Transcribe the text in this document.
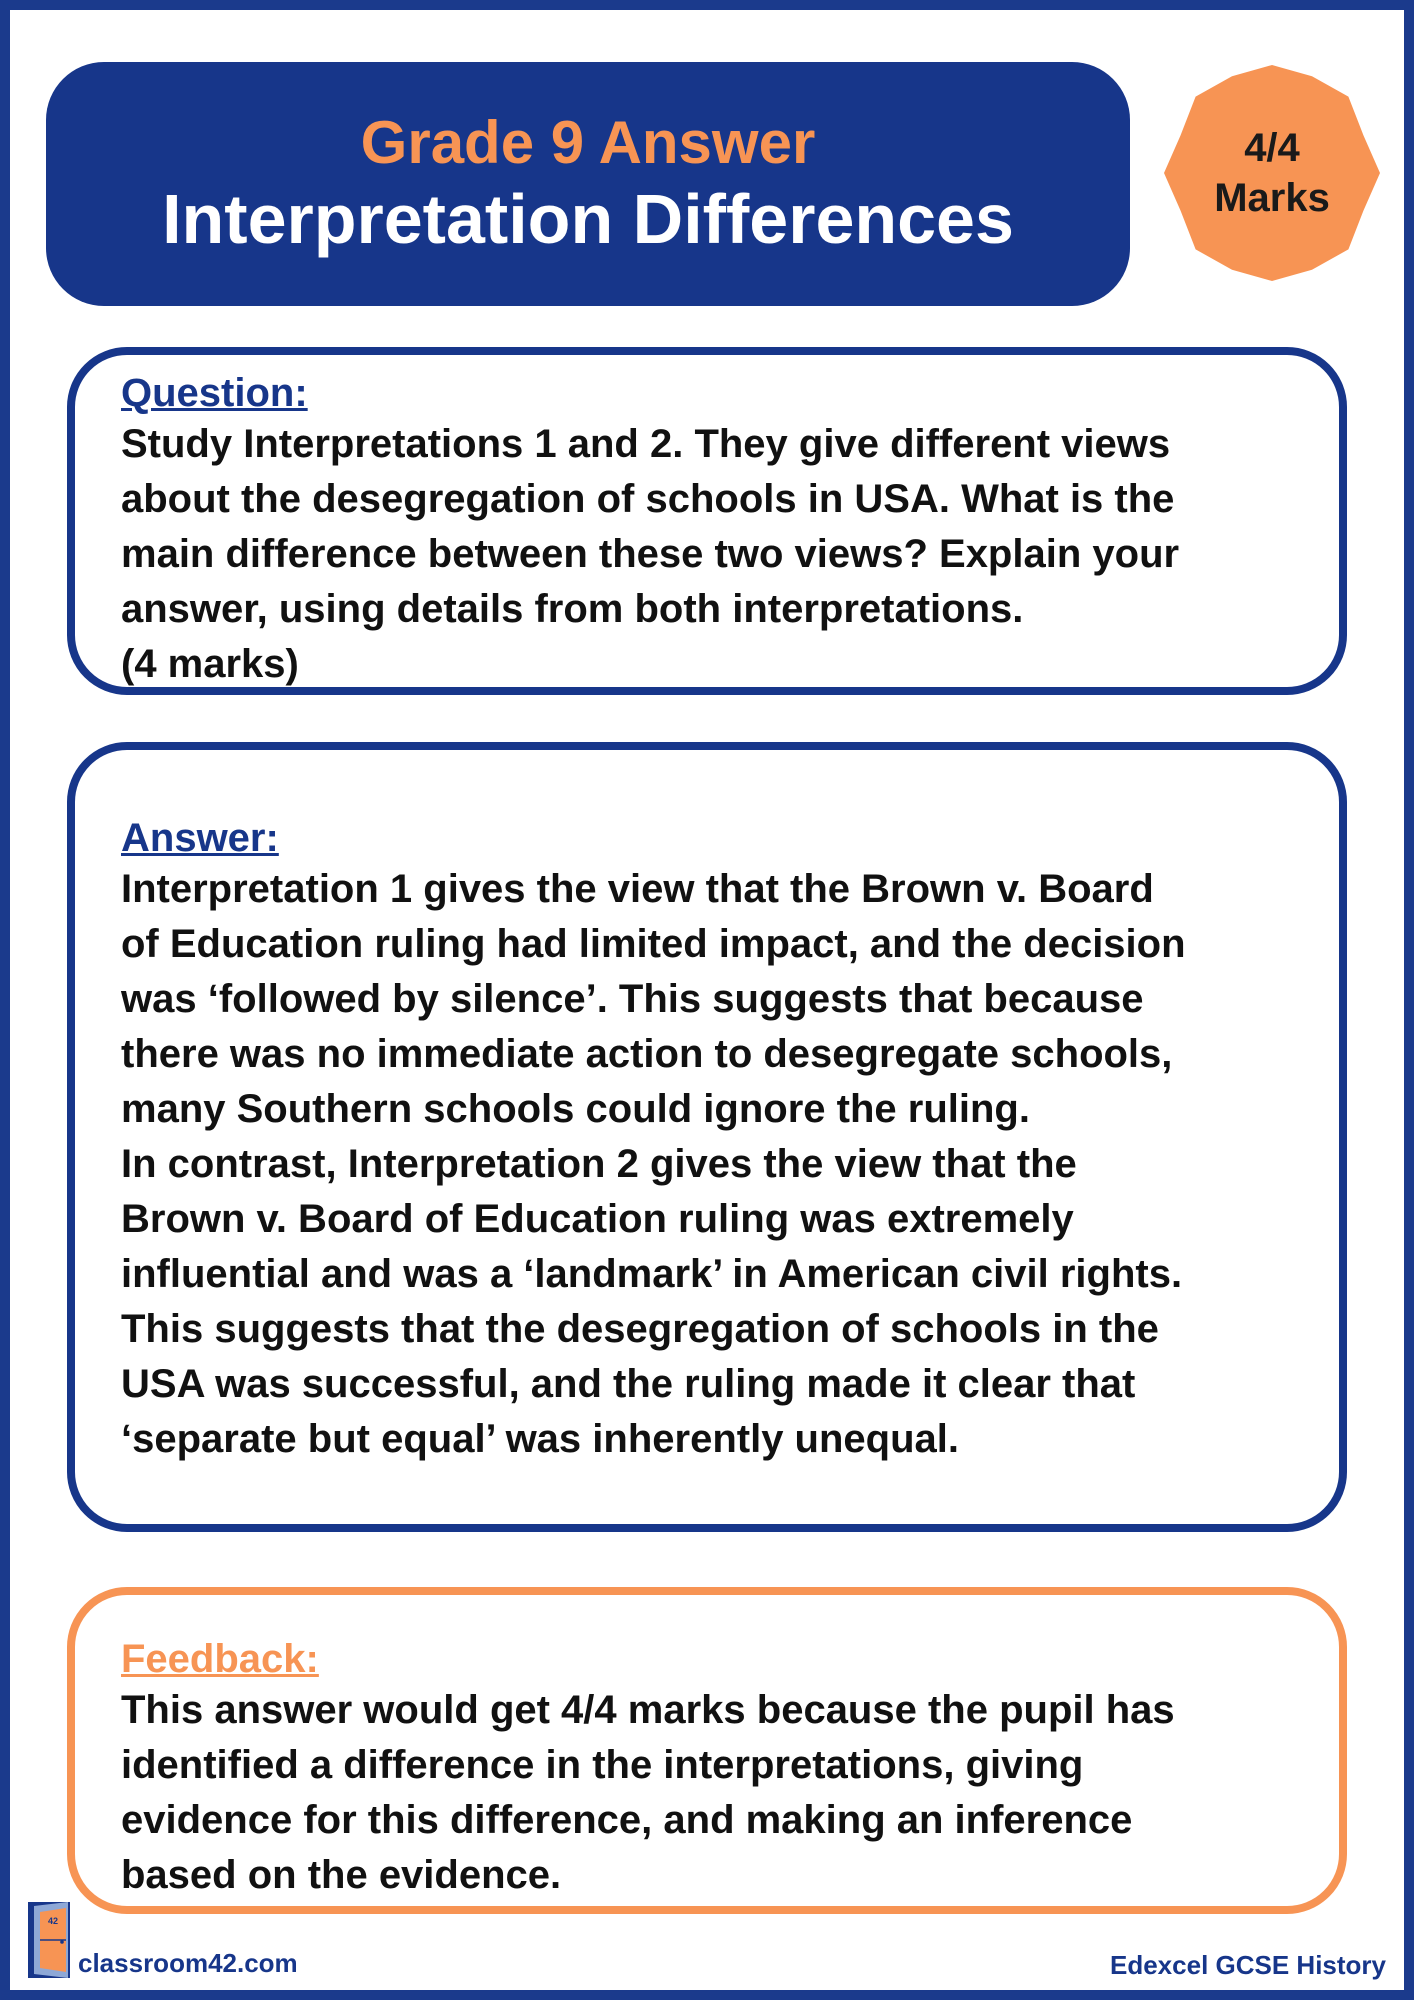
Grade 9 Answer
Interpretation Differences
4/4
Marks
Question:

Study Interpretations 1 and 2. They give different views

about the desegregation of schools in USA. What is the

main difference between these two views? Explain your

answer, using details from both interpretations.

(4 marks)

Answer:

Interpretation 1 gives the view that the Brown v. Board

of Education ruling had limited impact, and the decision

was ‘followed by silence’. This suggests that because

there was no immediate action to desegregate schools,

many Southern schools could ignore the ruling.

In contrast, Interpretation 2 gives the view that the

Brown v. Board of Education ruling was extremely

influential and was a ‘landmark’ in American civil rights.

This suggests that the desegregation of schools in the

USA was successful, and the ruling made it clear that

‘separate but equal’ was inherently unequal.

Feedback:

This answer would get 4/4 marks because the pupil has

identified a difference in the interpretations, giving

evidence for this difference, and making an inference

based on the evidence.

42
classroom42.com	Edexcel GCSE History
